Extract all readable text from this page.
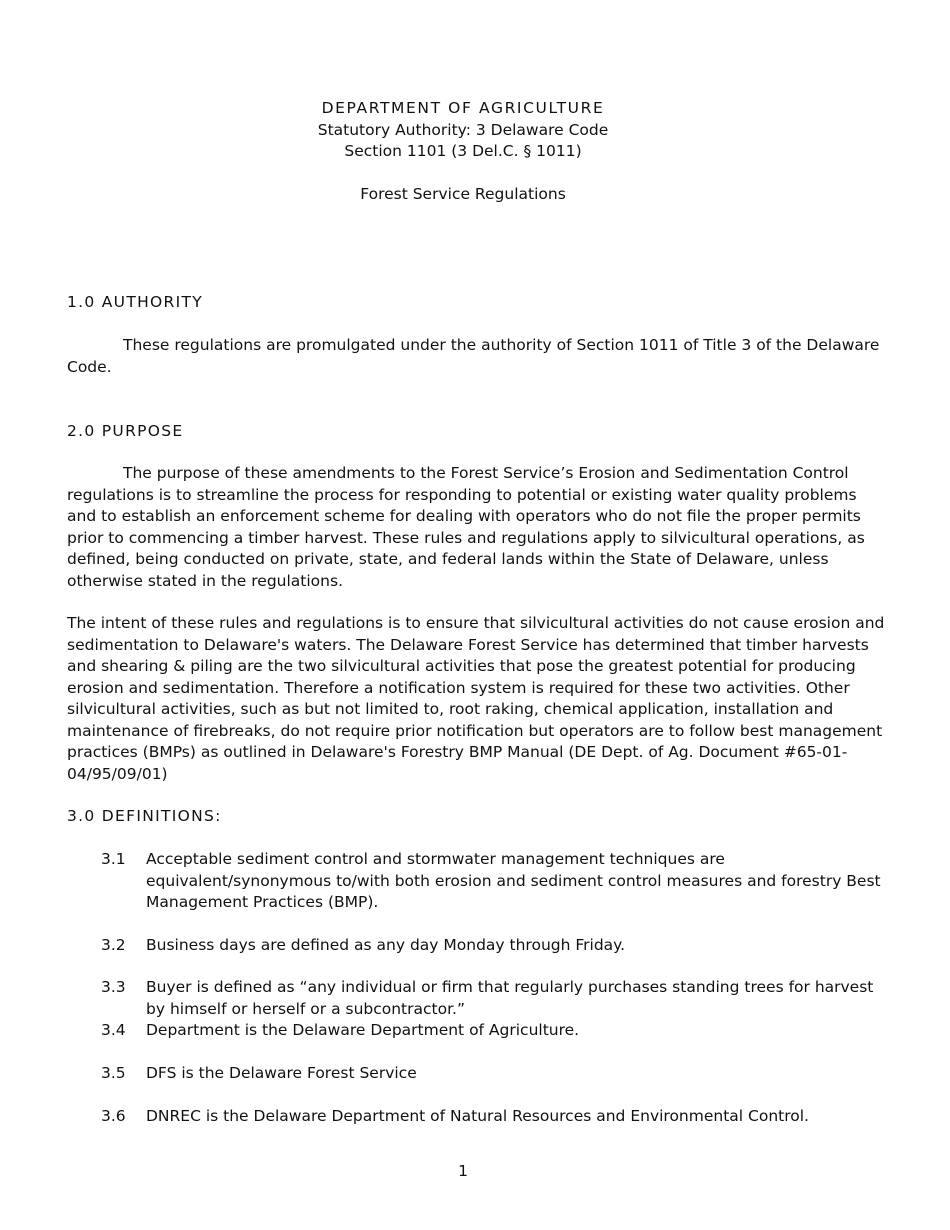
DEPARTMENT OF AGRICULTURE
Statutory Authority: 3 Delaware Code
Section 1101 (3 Del.C. § 1011)
Forest Service Regulations
1.0 AUTHORITY
These regulations are promulgated under the authority of Section 1011 of Title 3 of the Delaware Code.
2.0 PURPOSE
The purpose of these amendments to the Forest Service’s Erosion and Sedimentation Control regulations is to streamline the process for responding to potential or existing water quality problems and to establish an enforcement scheme for dealing with operators who do not file the proper permits prior to commencing a timber harvest. These rules and regulations apply to silvicultural operations, as defined, being conducted on private, state, and federal lands within the State of Delaware, unless otherwise stated in the regulations.
The intent of these rules and regulations is to ensure that silvicultural activities do not cause erosion and sedimentation to Delaware's waters. The Delaware Forest Service has determined that timber harvests and shearing & piling are the two silvicultural activities that pose the greatest potential for producing erosion and sedimentation. Therefore a notification system is required for these two activities. Other silvicultural activities, such as but not limited to, root raking, chemical application, installation and maintenance of firebreaks, do not require prior notification but operators are to follow best management practices (BMPs) as outlined in Delaware's Forestry BMP Manual (DE Dept. of Ag. Document #65-01-04/95/09/01)
3.0 DEFINITIONS:
3.1 Acceptable sediment control and stormwater management techniques are equivalent/synonymous to/with both erosion and sediment control measures and forestry Best Management Practices (BMP).
3.2 Business days are defined as any day Monday through Friday.
3.3 Buyer is defined as “any individual or firm that regularly purchases standing trees for harvest by himself or herself or a subcontractor.”
3.4 Department is the Delaware Department of Agriculture.
3.5 DFS is the Delaware Forest Service
3.6 DNREC is the Delaware Department of Natural Resources and Environmental Control.
1
